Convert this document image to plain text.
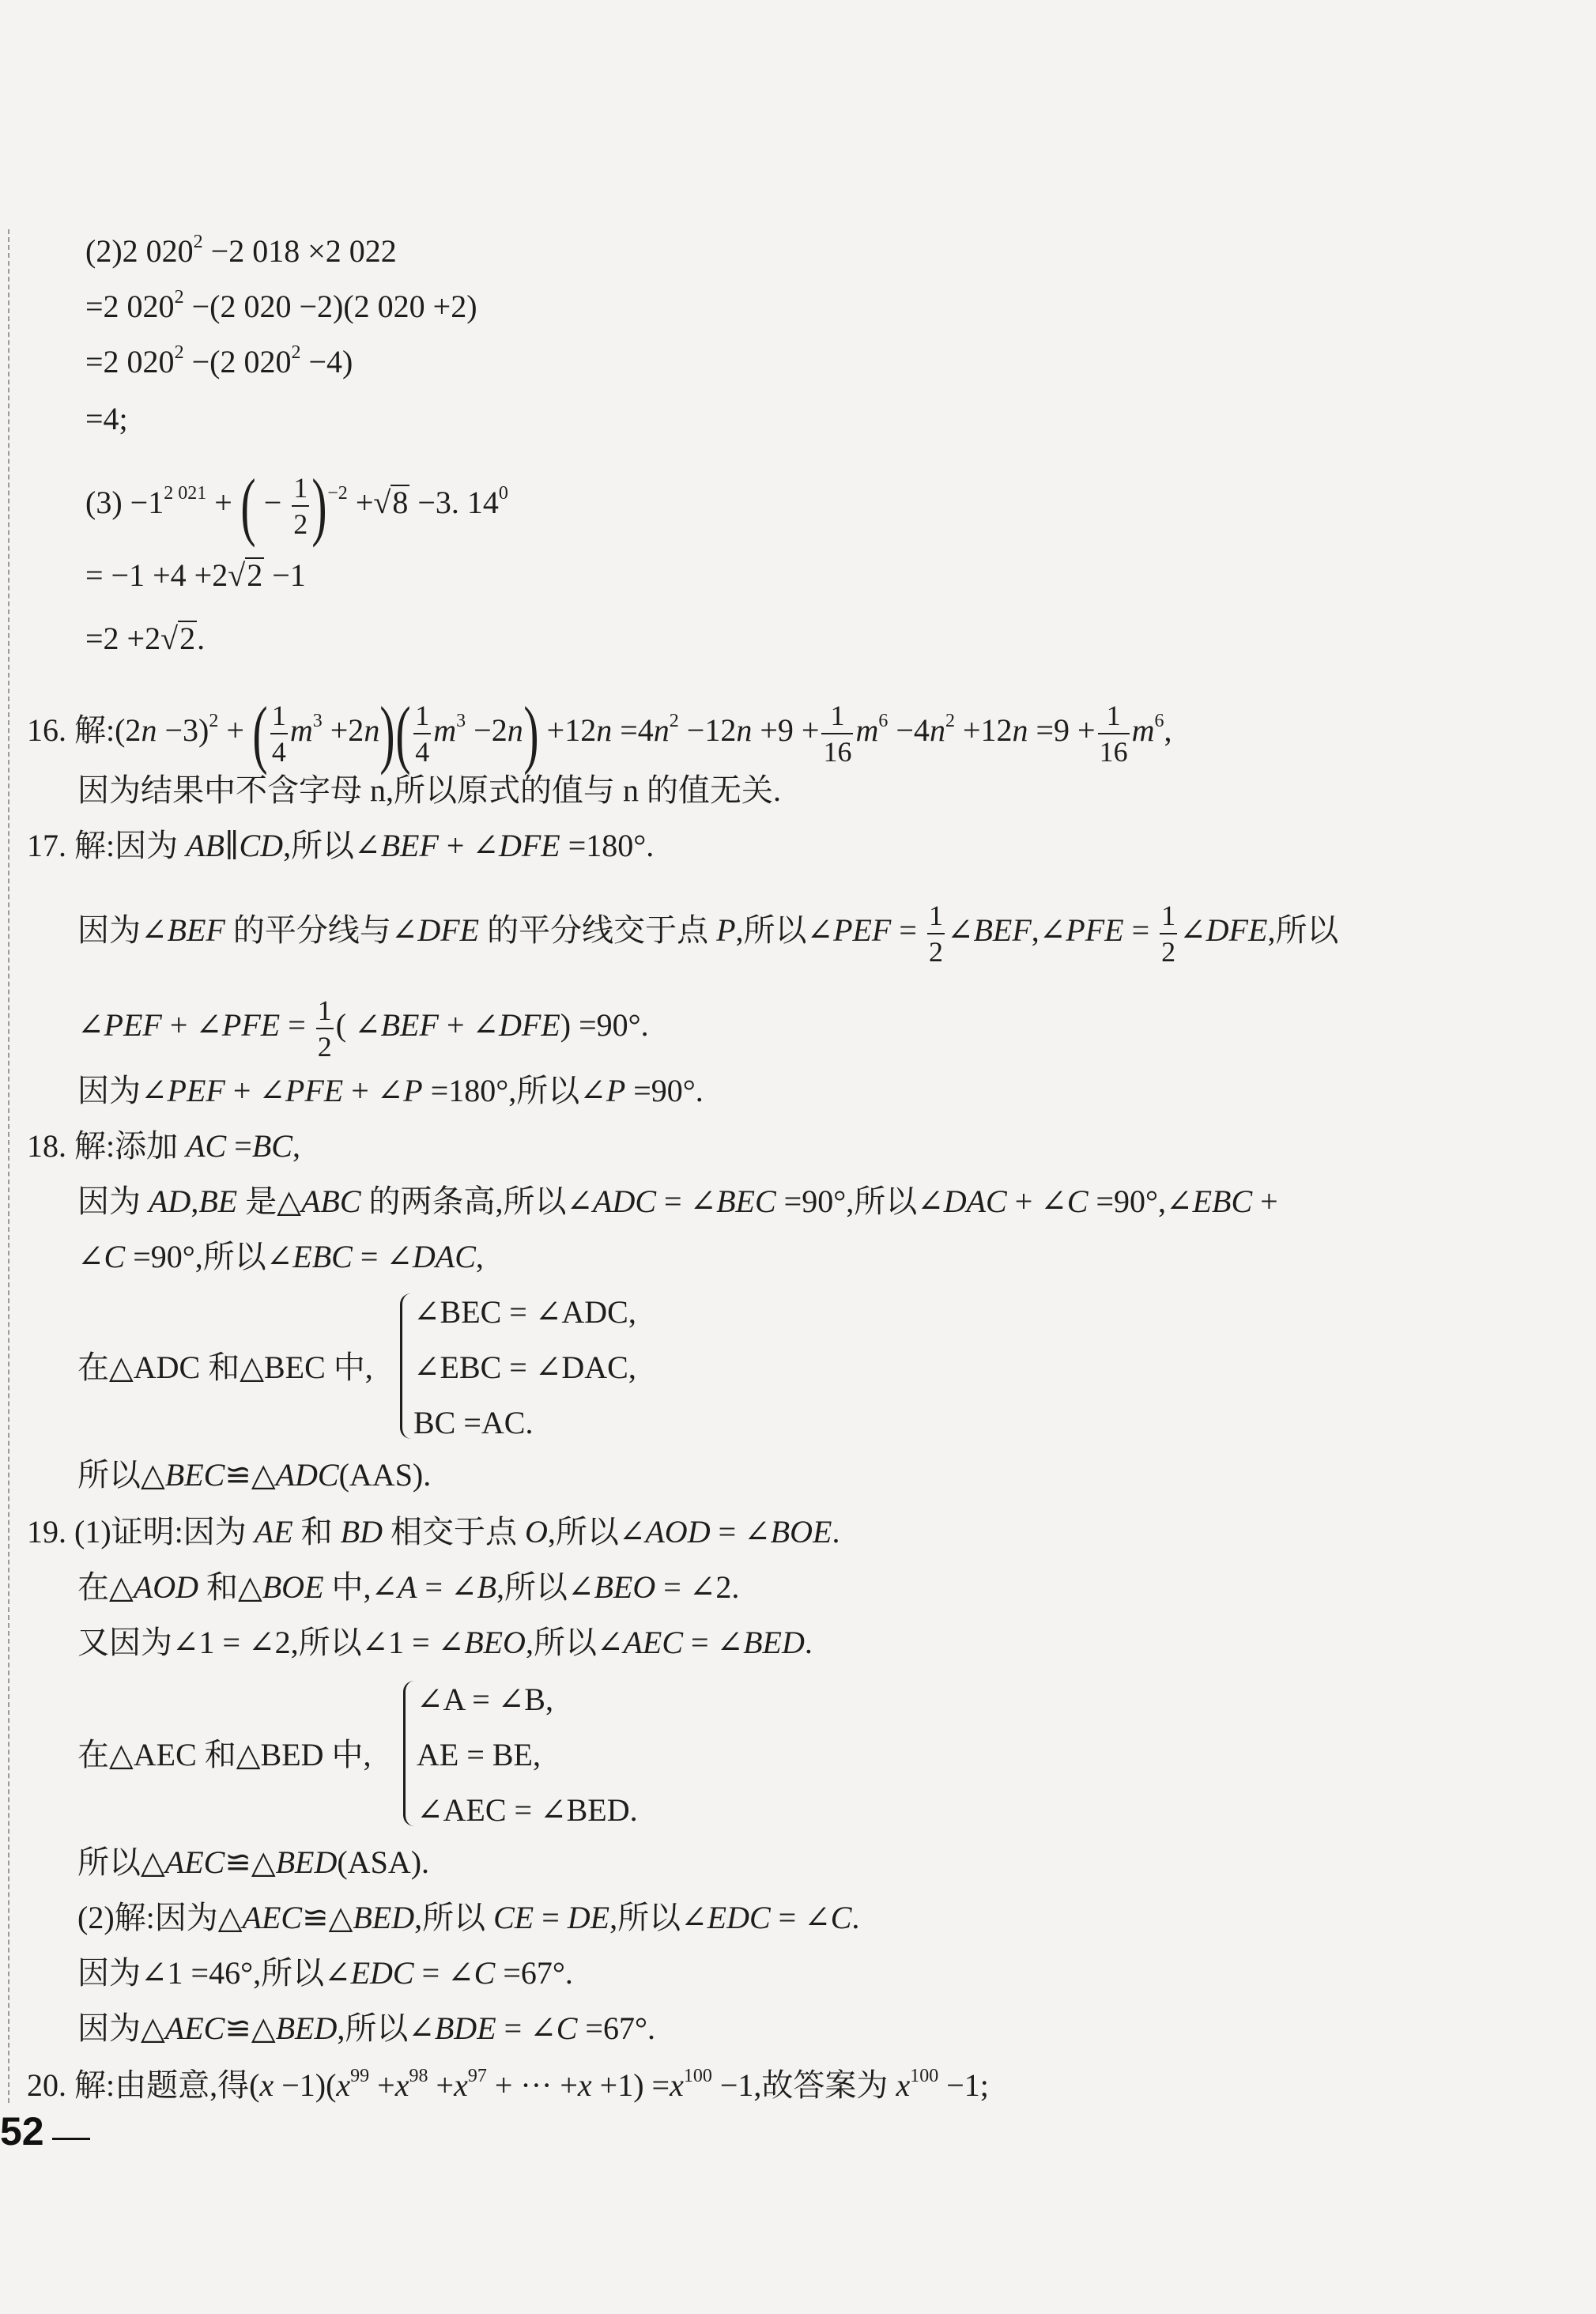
(2)2 $020^2 -2$ 018 ×2 022
=2 $020^2 -(2$ 020 −2)(2 020 +2)
=2 $020^2 -(2$ $020^2 -4$)
=4;
$(3) -1^{2 021}$ + ( − $\frac{1}{2} )^{-2} +√8 -3$. $14^0$
= −1 +4 +2√2 −1
=2 +2√2.
16. 解:(2n −3)$^2$ + ( $\frac{1}{4} m^3 +2n)( \frac{1}{4} m^3 -2n) +12n =4n^2 -12n +9 + \frac{1}{16} m^6 -4n^2 +12n =9 + \frac{1}{16} m^6$,
因为结果中不含字母 n,所以原式的值与 n 的值无关.
17. 解:因为 AB∥CD,所以∠BEF + ∠DFE =180°.
因为∠BEF 的平分线与∠DFE 的平分线交于点 P,所以∠PEF = $\frac{1}{2}$ ∠BEF,∠PFE = $\frac{1}{2}$ ∠DFE,所以
∠PEF + ∠PFE = $\frac{1}{2}$ ( ∠BEF + ∠DFE) =90°.
因为∠PEF + ∠PFE + ∠P =180°,所以∠P =90°.
18. 解:添加 AC =BC,
因为 AD,BE 是△ABC 的两条高,所以∠ADC = ∠BEC =90°,所以∠DAC + ∠C =90°,∠EBC +
∠C =90°,所以∠EBC = ∠DAC,
在△ADC 和△BEC 中,
∠BEC = ∠ADC,
∠EBC = ∠DAC,
BC =AC.
所以△BEC≌△ADC(AAS).
19. (1)证明:因为 AE 和 BD 相交于点 O,所以∠AOD = ∠BOE.
在△AOD 和△BOE 中,∠A = ∠B,所以∠BEO = ∠2.
又因为∠1 = ∠2,所以∠1 = ∠BEO,所以∠AEC = ∠BED.
在△AEC 和△BED 中,
∠A = ∠B,
AE = BE,
∠AEC = ∠BED.
所以△AEC≌△BED(ASA).
(2)解:因为△AEC≌△BED,所以 CE = DE,所以∠EDC = ∠C.
因为∠1 =46°,所以∠EDC = ∠C =67°.
因为△AEC≌△BED,所以∠BDE = ∠C =67°.
20. 解:由题意,得$(x -1)(x^{99} +x^{98} +x^{97}$ + ··· $+x +1) =x^{100} -1$,故答案为 $x^{100} -1$;
52
